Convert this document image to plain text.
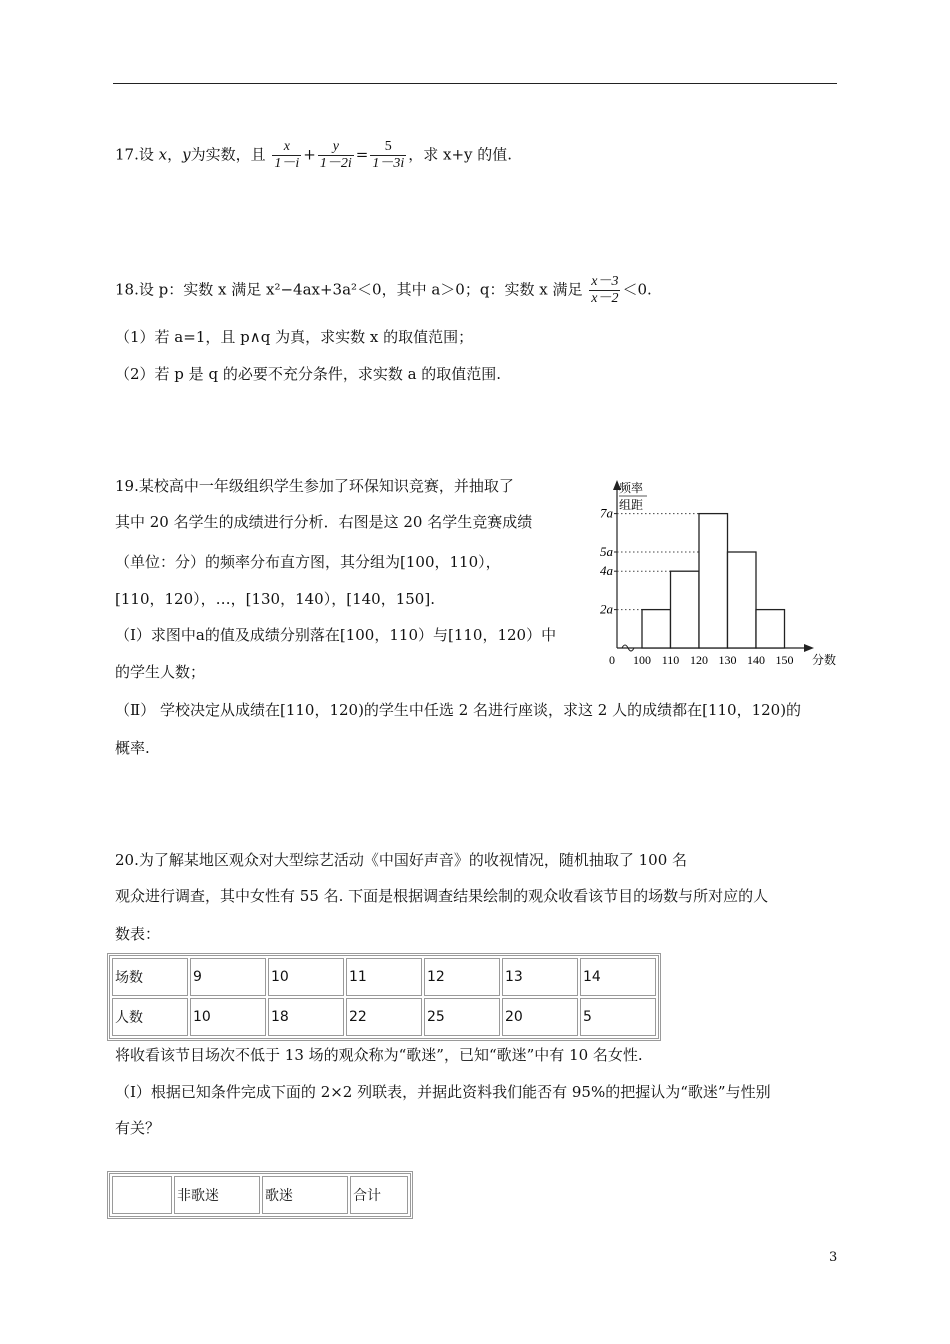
17.设 x，y为实数，且 $\frac{x}{1-i} + \frac{y}{1-2i} = \frac{5}{1-3i}$ ，求 x+y 的值.
18.设 p：实数 x 满足 x²−4ax+3a²＜0，其中 a＞0；q：实数 x 满足 $\frac{x-3}{x-2} <0$.
（1）若 a=1，且 p∧q 为真，求实数 x 的取值范围；
（2）若 p 是 q 的必要不充分条件，求实数 a 的取值范围.
19.某校高中一年级组织学生参加了环保知识竞赛，并抽取了
其中 20 名学生的成绩进行分析．右图是这 20 名学生竞赛成绩
（单位：分）的频率分布直方图，其分组为[100，110），
[110，120），…，[130，140），[140，150].
（Ⅰ）求图中a的值及成绩分别落在[100，110）与[110，120）中
的学生人数；
（Ⅱ） 学校决定从成绩在[110，120)的学生中任选 2 名进行座谈，求这 2 人的成绩都在[110，120)的
概率.
频率
组距
2a
4a
5a
7a
0 100 110 120 130 140 150 分数
20.为了解某地区观众对大型综艺活动《中国好声音》的收视情况，随机抽取了 100 名
观众进行调查，其中女性有 55 名. 下面是根据调查结果绘制的观众收看该节目的场数与所对应的人
数表：
场数	9	10	11	12	13	14
人数	10	18	22	25	20	5
将收看该节目场次不低于 13 场的观众称为“歌迷”，已知“歌迷”中有 10 名女性.
（Ⅰ）根据已知条件完成下面的 2×2 列联表，并据此资料我们能否有 95%的把握认为“歌迷”与性别
有关？
	非歌迷	歌迷	合计
3
